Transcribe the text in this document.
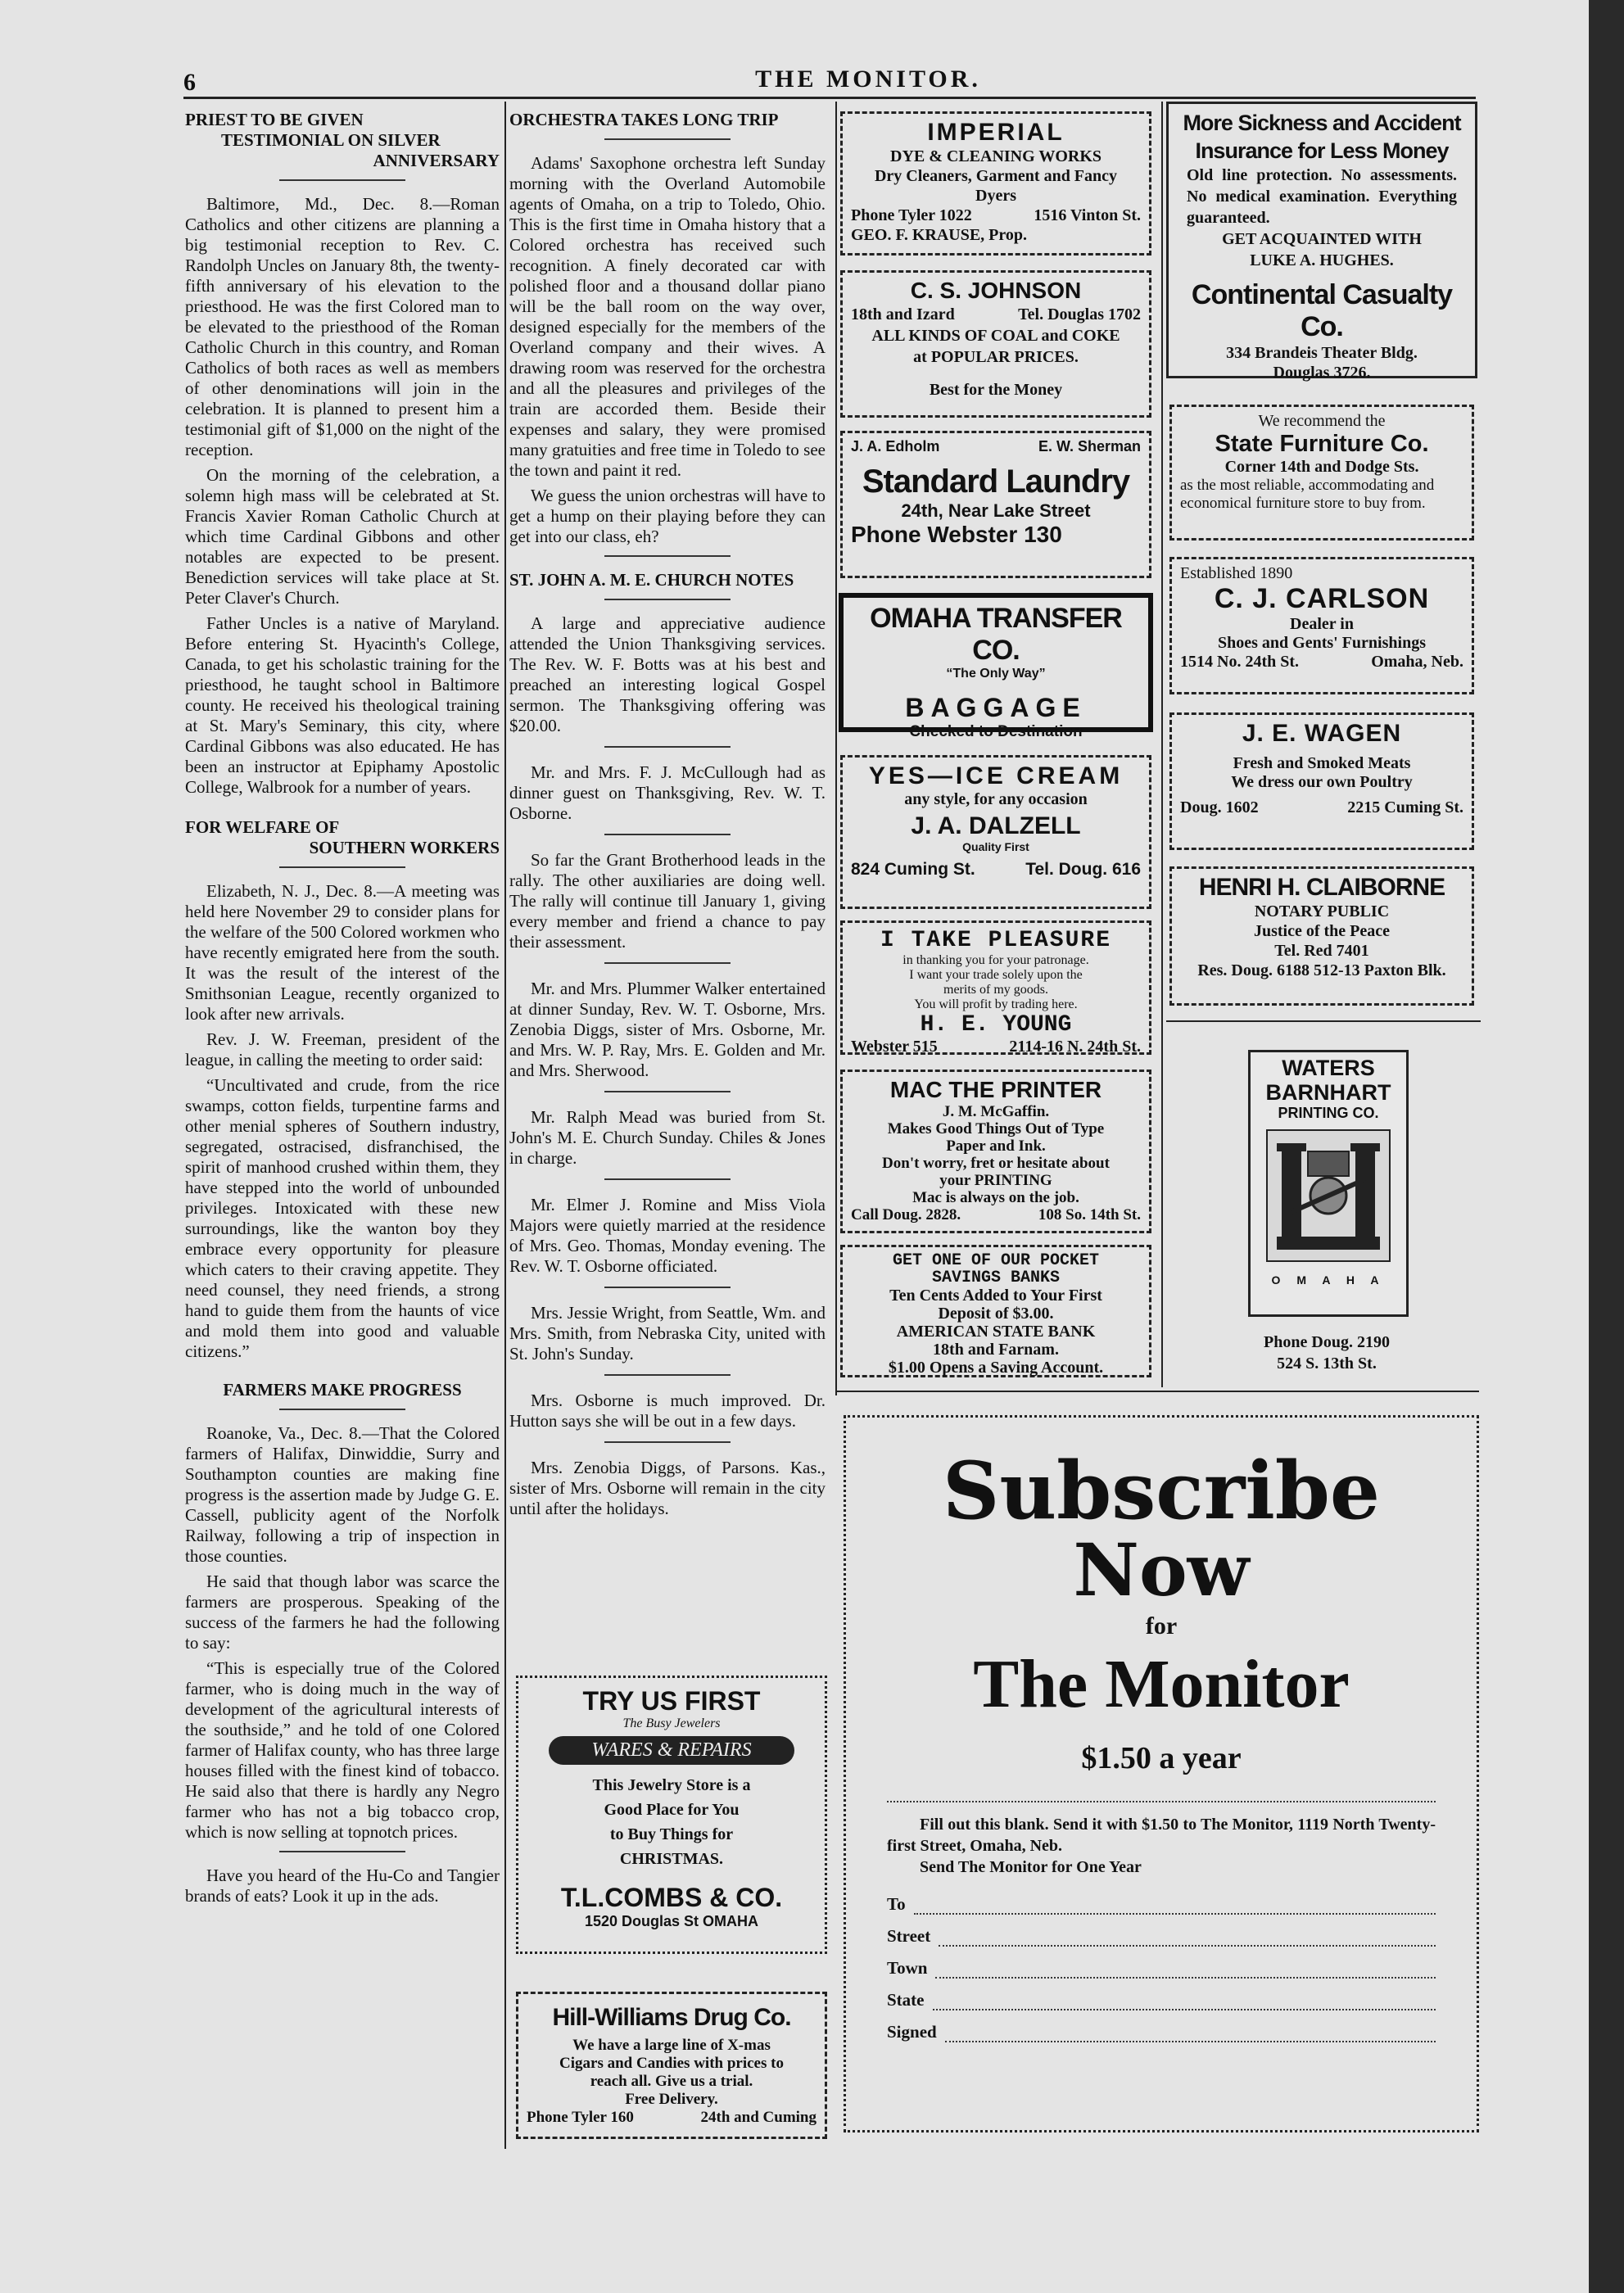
6	THE MONITOR.
PRIEST TO BE GIVEN
TESTIMONIAL ON SILVER
ANNIVERSARY

Baltimore, Md., Dec. 8.—Roman Catholics and other citizens are planning a big testimonial reception to Rev. C. Randolph Uncles on January 8th, the twenty-fifth anniversary of his elevation to the priesthood. He was the first Colored man to be elevated to the priesthood of the Roman Catholic Church in this country, and Roman Catholics of both races as well as members of other denominations will join in the celebration. It is planned to present him a testimonial gift of $1,000 on the night of the reception.

On the morning of the celebration, a solemn high mass will be celebrated at St. Francis Xavier Roman Catholic Church at which time Cardinal Gibbons and other notables are expected to be present. Benediction services will take place at St. Peter Claver's Church.

Father Uncles is a native of Maryland. Before entering St. Hyacinth's College, Canada, to get his scholastic training for the priesthood, he taught school in Baltimore county. He received his theological training at St. Mary's Seminary, this city, where Cardinal Gibbons was also educated. He has been an instructor at Epiphamy Apostolic College, Walbrook for a number of years.

FOR WELFARE OF
SOUTHERN WORKERS

Elizabeth, N. J., Dec. 8.—A meeting was held here November 29 to consider plans for the welfare of the 500 Colored workmen who have recently emigrated here from the south. It was the result of the interest of the Smithsonian League, recently organized to look after new arrivals.

Rev. J. W. Freeman, president of the league, in calling the meeting to order said:

“Uncultivated and crude, from the rice swamps, cotton fields, turpentine farms and other menial spheres of Southern industry, segregated, ostracised, disfranchised, the spirit of manhood crushed within them, they have stepped into the world of unbounded privileges. Intoxicated with these new surroundings, like the wanton boy they embrace every opportunity for pleasure which caters to their craving appetite. They need counsel, they need friends, a strong hand to guide them from the haunts of vice and mold them into good and valuable citizens.”

FARMERS MAKE PROGRESS

Roanoke, Va., Dec. 8.—That the Colored farmers of Halifax, Dinwiddie, Surry and Southampton counties are making fine progress is the assertion made by Judge G. E. Cassell, publicity agent of the Norfolk Railway, following a trip of inspection in those counties.

He said that though labor was scarce the farmers are prosperous. Speaking of the success of the farmers he had the following to say:

“This is especially true of the Colored farmer, who is doing much in the way of development of the agricultural interests of the southside,” and he told of one Colored farmer of Halifax county, who has three large houses filled with the finest kind of tobacco. He said also that there is hardly any Negro farmer who has not a big tobacco crop, which is now selling at topnotch prices.

Have you heard of the Hu-Co and Tangier brands of eats? Look it up in the ads.

ORCHESTRA TAKES LONG TRIP

Adams' Saxophone orchestra left Sunday morning with the Overland Automobile agents of Omaha, on a trip to Toledo, Ohio. This is the first time in Omaha history that a Colored orchestra has received such recognition. A finely decorated car with polished floor and a thousand dollar piano will be the ball room on the way over, designed especially for the members of the Overland company and their wives. A drawing room was reserved for the orchestra and all the pleasures and privileges of the train are accorded them. Beside their expenses and salary, they were promised many gratuities and free time in Toledo to see the town and paint it red.

We guess the union orchestras will have to get a hump on their playing before they can get into our class, eh?

ST. JOHN A. M. E. CHURCH NOTES

A large and appreciative audience attended the Union Thanksgiving services. The Rev. W. F. Botts was at his best and preached an interesting logical Gospel sermon. The Thanksgiving offering was $20.00.

Mr. and Mrs. F. J. McCullough had as dinner guest on Thanksgiving, Rev. W. T. Osborne.

So far the Grant Brotherhood leads in the rally. The other auxiliaries are doing well. The rally will continue till January 1, giving every member and friend a chance to pay their assessment.

Mr. and Mrs. Plummer Walker entertained at dinner Sunday, Rev. W. T. Osborne, Mrs. Zenobia Diggs, sister of Mrs. Osborne, Mr. and Mrs. W. P. Ray, Mrs. E. Golden and Mr. and Mrs. Sherwood.

Mr. Ralph Mead was buried from St. John's M. E. Church Sunday. Chiles & Jones in charge.

Mr. Elmer J. Romine and Miss Viola Majors were quietly married at the residence of Mrs. Geo. Thomas, Monday evening. The Rev. W. T. Osborne officiated.

Mrs. Jessie Wright, from Seattle, Wm. and Mrs. Smith, from Nebraska City, united with St. John's Sunday.

Mrs. Osborne is much improved. Dr. Hutton says she will be out in a few days.

Mrs. Zenobia Diggs, of Parsons. Kas., sister of Mrs. Osborne will remain in the city until after the holidays.

TRY US FIRST
The Busy Jewelers
WARES & REPAIRS
This Jewelry Store is a
Good Place for You
to Buy Things for
CHRISTMAS.
T.L.COMBS & CO.
1520 Douglas St OMAHA
Hill-Williams Drug Co.
We have a large line of X-mas
Cigars and Candies with prices to
reach all. Give us a trial.
Free Delivery.
Phone Tyler 160	24th and Cuming
IMPERIAL
DYE & CLEANING WORKS
Dry Cleaners, Garment and Fancy
Dyers
Phone Tyler 1022	1516 Vinton St.
GEO. F. KRAUSE, Prop.
C. S. JOHNSON
18th and Izard	Tel. Douglas 1702
ALL KINDS OF COAL and COKE
at POPULAR PRICES.
Best for the Money
J. A. Edholm	E. W. Sherman
Standard Laundry
24th, Near Lake Street
Phone Webster 130
OMAHA TRANSFER CO.
“The Only Way”
BAGGAGE
Checked to Destination
YES—ICE CREAM
any style, for any occasion
J. A. DALZELL
Quality First
824 Cuming St.	Tel. Doug. 616
I TAKE PLEASURE
in thanking you for your patronage.
I want your trade solely upon the
merits of my goods.
You will profit by trading here.
H. E. YOUNG
Webster 515	2114-16 N. 24th St.
MAC THE PRINTER
J. M. McGaffin.
Makes Good Things Out of Type
Paper and Ink.
Don't worry, fret or hesitate about
your PRINTING
Mac is always on the job.
Call Doug. 2828.	108 So. 14th St.
GET ONE OF OUR POCKET
SAVINGS BANKS
Ten Cents Added to Your First
Deposit of $3.00.
AMERICAN STATE BANK
18th and Farnam.
$1.00 Opens a Saving Account.
More Sickness and Accident
Insurance for Less Money
Old line protection. No assessments. No medical examination. Everything guaranteed.
GET ACQUAINTED WITH
LUKE A. HUGHES.
Continental Casualty Co.
334 Brandeis Theater Bldg.
Douglas 3726.
We recommend the
State Furniture Co.
Corner 14th and Dodge Sts.
as the most reliable, accommodating and economical furniture store to buy from.
Established 1890
C. J. CARLSON
Dealer in
Shoes and Gents' Furnishings
1514 No. 24th St.	Omaha, Neb.
J. E. WAGEN
Fresh and Smoked Meats
We dress our own Poultry
Doug. 1602	2215 Cuming St.
HENRI H. CLAIBORNE
NOTARY PUBLIC
Justice of the Peace
Tel. Red 7401
Res. Doug. 6188 512-13 Paxton Blk.
WATERS
BARNHART
PRINTING CO.
O M A H A
Phone Doug. 2190
524 S. 13th St.
Subscribe
Now
for
The Monitor
$1.50 a year
Fill out this blank. Send it with $1.50 to The Monitor, 1119 North Twenty-first Street, Omaha, Neb.
Send The Monitor for One Year
To
Street
Town
State
Signed
